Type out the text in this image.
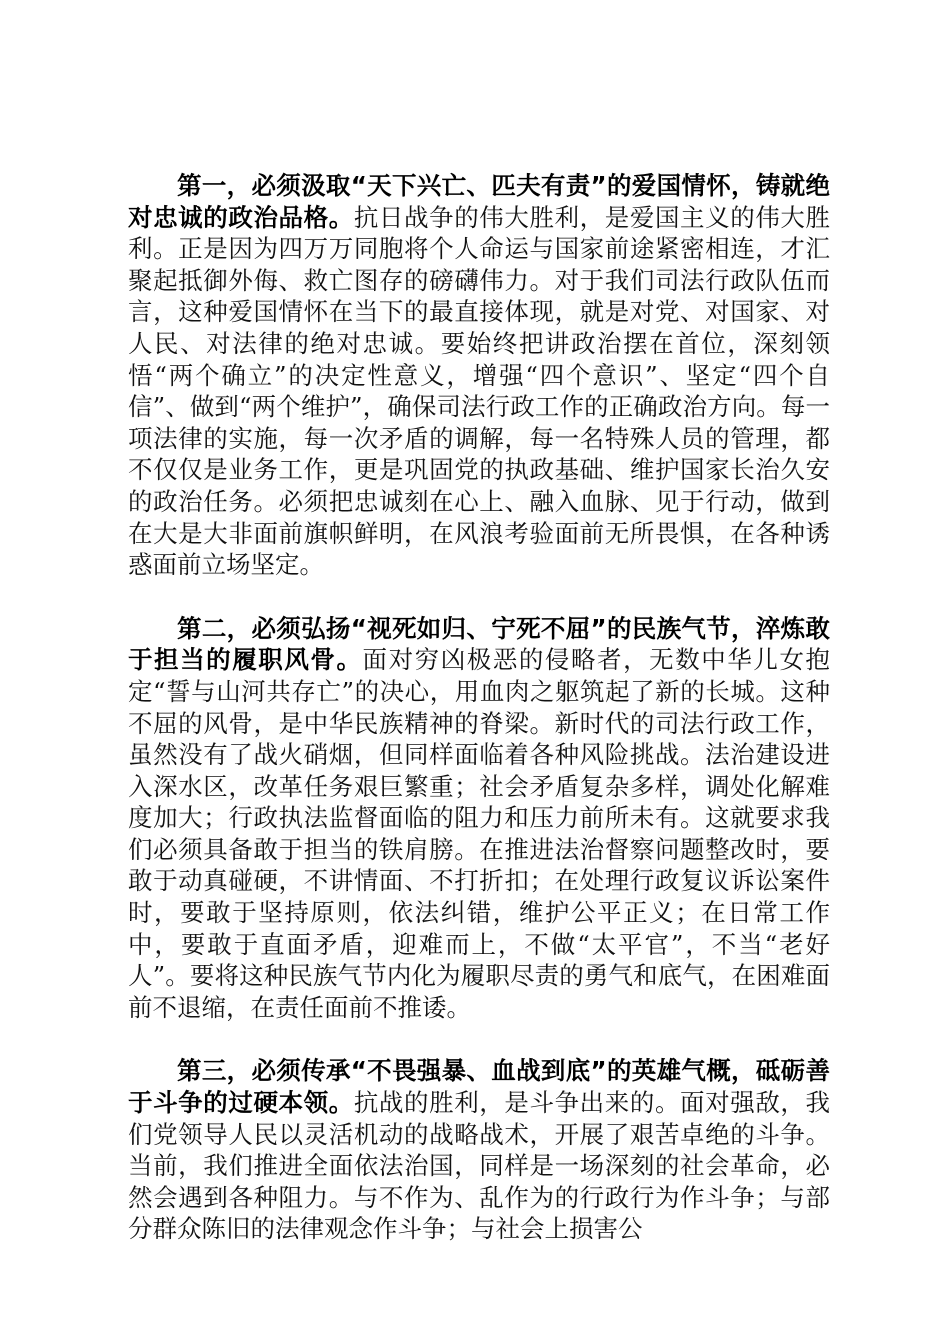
第一，必须汲取“天下兴亡、匹夫有责”的爱国情怀，铸就绝对忠诚的政治品格。抗日战争的伟大胜利，是爱国主义的伟大胜利。正是因为四万万同胞将个人命运与国家前途紧密相连，才汇聚起抵御外侮、救亡图存的磅礴伟力。对于我们司法行政队伍而言，这种爱国情怀在当下的最直接体现，就是对党、对国家、对人民、对法律的绝对忠诚。要始终把讲政治摆在首位，深刻领悟“两个确立”的决定性意义，增强“四个意识”、坚定“四个自信”、做到“两个维护”，确保司法行政工作的正确政治方向。每一项法律的实施，每一次矛盾的调解，每一名特殊人员的管理，都不仅仅是业务工作，更是巩固党的执政基础、维护国家长治久安的政治任务。必须把忠诚刻在心上、融入血脉、见于行动，做到在大是大非面前旗帜鲜明，在风浪考验面前无所畏惧，在各种诱惑面前立场坚定。

第二，必须弘扬“视死如归、宁死不屈”的民族气节，淬炼敢于担当的履职风骨。面对穷凶极恶的侵略者，无数中华儿女抱定“誓与山河共存亡”的决心，用血肉之躯筑起了新的长城。这种不屈的风骨，是中华民族精神的脊梁。新时代的司法行政工作，虽然没有了战火硝烟，但同样面临着各种风险挑战。法治建设进入深水区，改革任务艰巨繁重；社会矛盾复杂多样，调处化解难度加大；行政执法监督面临的阻力和压力前所未有。这就要求我们必须具备敢于担当的铁肩膀。在推进法治督察问题整改时，要敢于动真碰硬，不讲情面、不打折扣；在处理行政复议诉讼案件时，要敢于坚持原则，依法纠错，维护公平正义；在日常工作中，要敢于直面矛盾，迎难而上，不做“太平官”，不当“老好人”。要将这种民族气节内化为履职尽责的勇气和底气，在困难面前不退缩，在责任面前不推诿。

第三，必须传承“不畏强暴、血战到底”的英雄气概，砥砺善于斗争的过硬本领。抗战的胜利，是斗争出来的。面对强敌，我们党领导人民以灵活机动的战略战术，开展了艰苦卓绝的斗争。当前，我们推进全面依法治国，同样是一场深刻的社会革命，必然会遇到各种阻力。与不作为、乱作为的行政行为作斗争；与部分群众陈旧的法律观念作斗争；与社会上损害公
